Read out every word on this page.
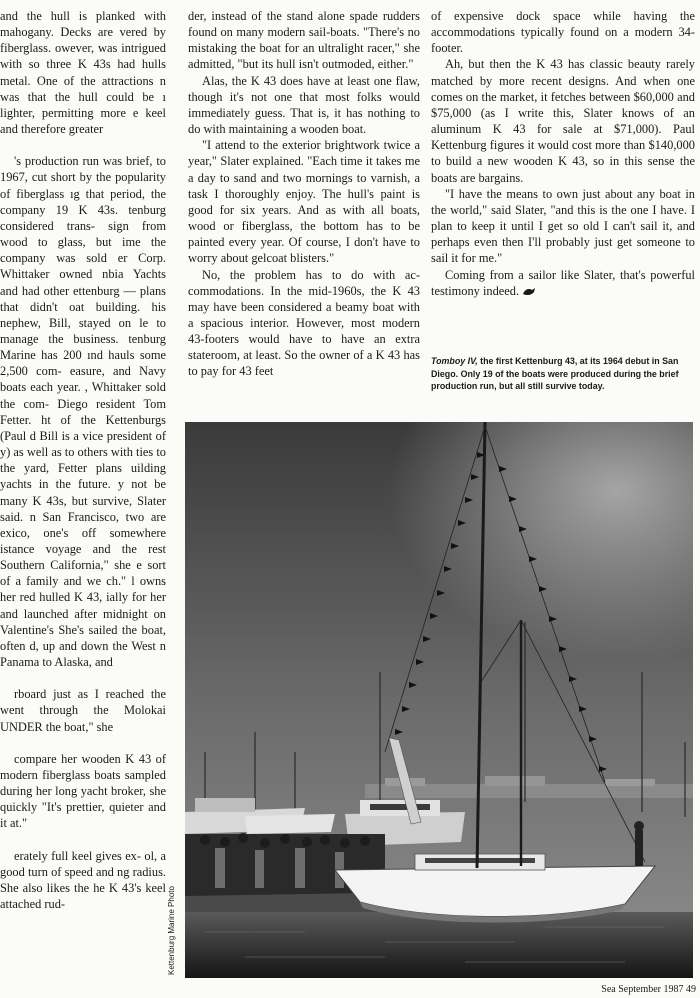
and the hull is planked with mahogany. Decks are vered by fiberglass. owever, was intrigued with so three K 43s had hulls metal. One of the attractions n was that the hull could be ı lighter, permitting more e keel and therefore greater

's production run was brief, to 1967, cut short by the popularity of fiberglass ıg that period, the company 19 K 43s. tenburg considered trans- sign from wood to glass, but ime the company was sold er Corp. Whittaker owned nbia Yachts and had other ettenburg — plans that didn't oat building. his nephew, Bill, stayed on le to manage the business. tenburg Marine has 200 ınd hauls some 2,500 com- easure, and Navy boats each year. , Whittaker sold the com- Diego resident Tom Fetter. ht of the Kettenburgs (Paul d Bill is a vice president of y) as well as to others with ties to the yard, Fetter plans uilding yachts in the future. y not be many K 43s, but survive, Slater said. n San Francisco, two are exico, one's off somewhere istance voyage and the rest Southern California," she e sort of a family and we ch." l owns her red hulled K 43, ially for her and launched after midnight on Valentine's She's sailed the boat, often d, up and down the West n Panama to Alaska, and

rboard just as I reached the went through the Molokai UNDER the boat," she

compare her wooden K 43 of modern fiberglass boats sampled during her long yacht broker, she quickly "It's prettier, quieter and it at."

erately full keel gives ex- ol, a good turn of speed and ng radius. She also likes the he K 43's keel attached rud-

der, instead of the stand alone spade rudders found on many modern sail-boats. "There's no mistaking the boat for an ultralight racer," she admitted, "but its hull isn't outmoded, either."

Alas, the K 43 does have at least one flaw, though it's not one that most folks would immediately guess. That is, it has nothing to do with maintaining a wooden boat.

"I attend to the exterior brightwork twice a year," Slater explained. "Each time it takes me a day to sand and two mornings to varnish, a task I thoroughly enjoy. The hull's paint is good for six years. And as with all boats, wood or fiberglass, the bottom has to be painted every year. Of course, I don't have to worry about gelcoat blisters."

No, the problem has to do with ac-commodations. In the mid-1960s, the K 43 may have been considered a beamy boat with a spacious interior. However, most modern 43-footers would have to have an extra stateroom, at least. So the owner of a K 43 has to pay for 43 feet

of expensive dock space while having the accommodations typically found on a modern 34-footer.

Ah, but then the K 43 has classic beauty rarely matched by more recent designs. And when one comes on the market, it fetches between $60,000 and $75,000 (as I write this, Slater knows of an aluminum K 43 for sale at $71,000). Paul Kettenburg figures it would cost more than $140,000 to build a new wooden K 43, so in this sense the boats are bargains.

"I have the means to own just about any boat in the world," said Slater, "and this is the one I have. I plan to keep it until I get so old I can't sail it, and perhaps even then I'll probably just get someone to sail it for me."

Coming from a sailor like Slater, that's powerful testimony indeed.

Tomboy IV, the first Kettenburg 43, at its 1964 debut in San Diego. Only 19 of the boats were produced during the brief production run, but all still survive today.
Kettenburg Marine Photo
Sea September 1987 49
